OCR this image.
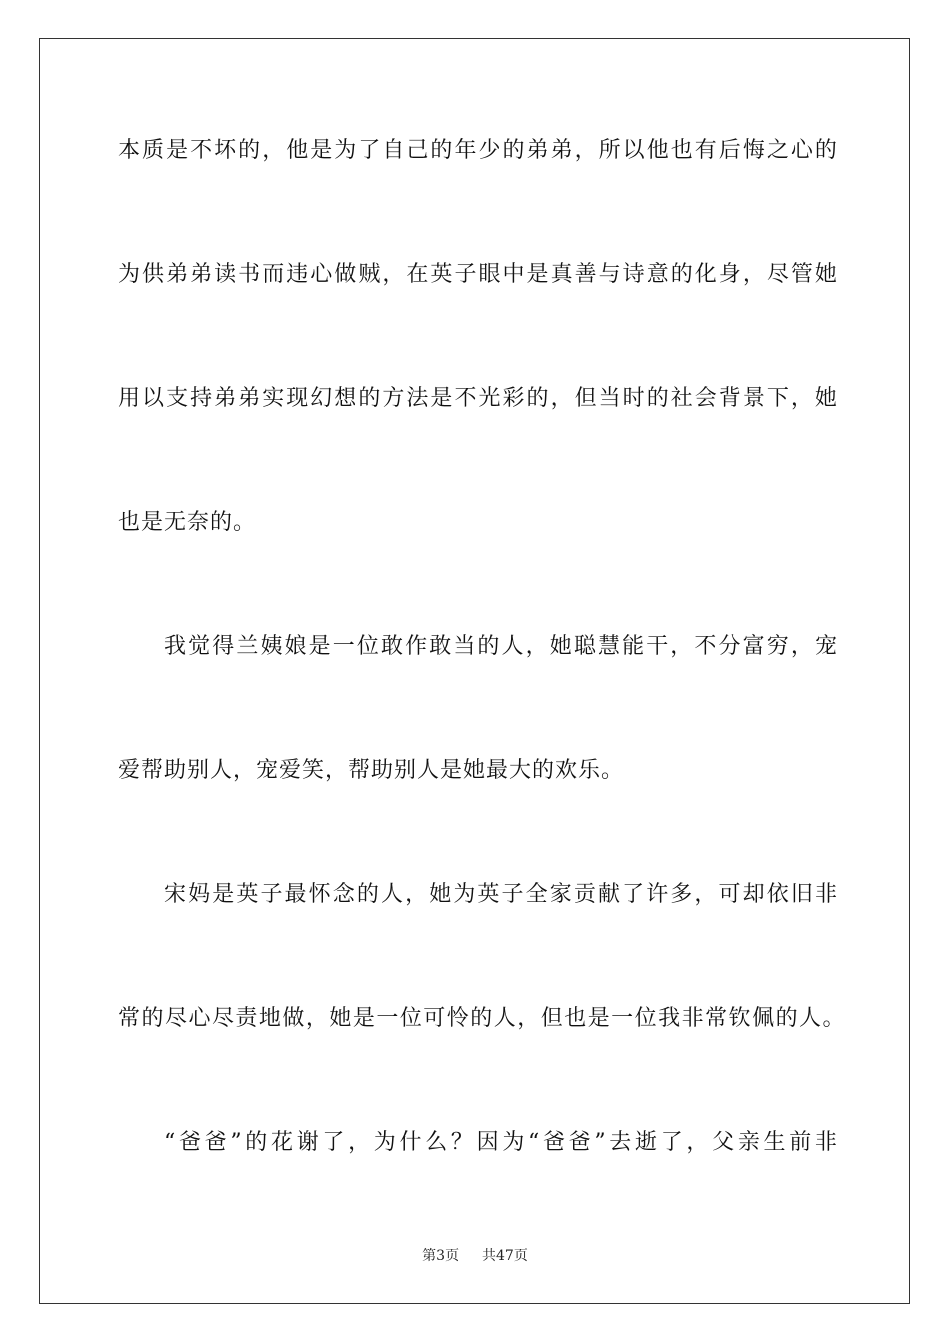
本 质 是 不 坏 的 ， 他 是 为 了 自 己 的 年 少 的 弟 弟 ， 所 以 他 也 有 后 悔 之 心 的
为 供 弟 弟 读 书 而 违 心 做 贼 ， 在 英 子 眼 中 是 真 善 与 诗 意 的 化 身 ， 尽 管 她
用 以 支 持 弟 弟 实 现 幻 想 的 方 法 是 不 光 彩 的 ， 但 当 时 的 社 会 背 景 下 ， 她
也是无奈的。
我 觉 得 兰 姨 娘 是 一 位 敢 作 敢 当 的 人 ， 她 聪 慧 能 干 ， 不 分 富 穷 ， 宠
爱帮助别人，宠爱笑，帮助别人是她最大的欢乐。
宋 妈 是 英 子 最 怀 念 的 人 ， 她 为 英 子 全 家 贡 献 了 许 多 ， 可 却 依 旧 非
常 的 尽 心 尽 责 地 做 ， 她 是 一 位 可 怜 的 人 ， 但 也 是 一 位 我 非 常 钦 佩 的 人 。
“ 爸 爸 ” 的 花 谢 了 ， 为 什 么 ？ 因 为 “ 爸 爸 ” 去 逝 了 ， 父 亲 生 前 非
第3页 共47页
